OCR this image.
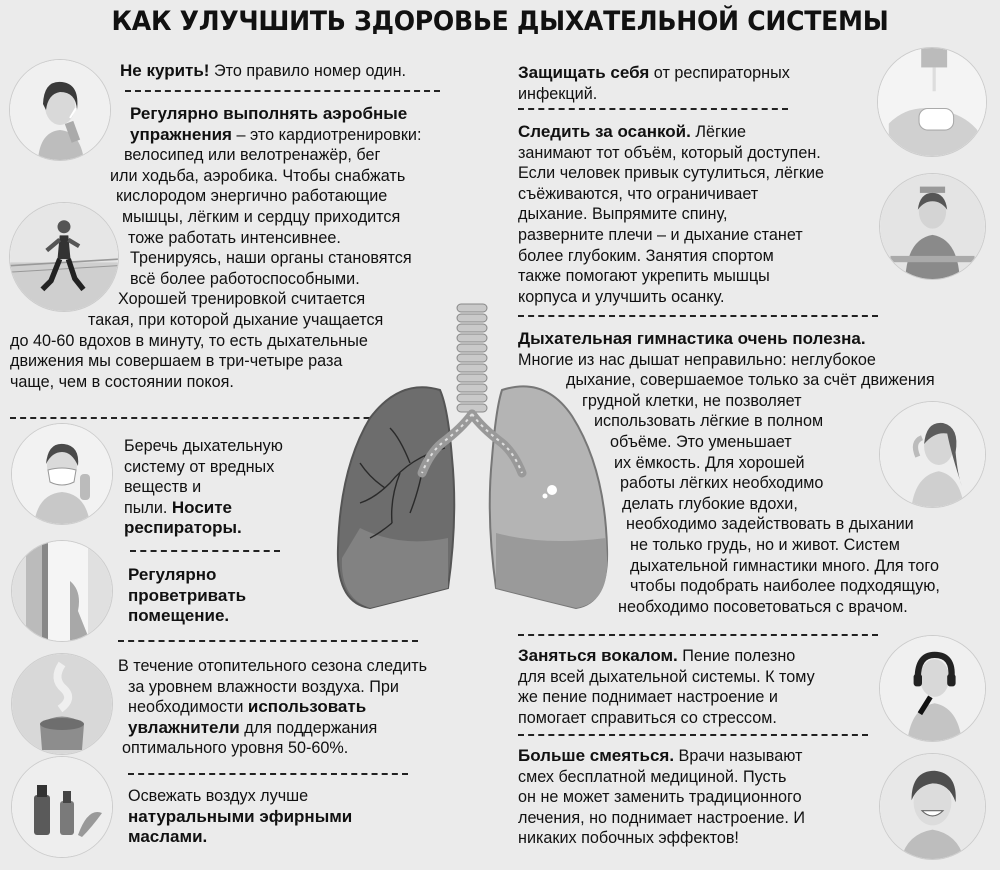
КАК УЛУЧШИТЬ ЗДОРОВЬЕ ДЫХАТЕЛЬНОЙ СИСТЕМЫ
Не курить! Это правило номер один.
Регулярно выполнять аэробные
упражнения – это кардиотренировки:
велосипед или велотренажёр, бег
или ходьба, аэробика. Чтобы снабжать
кислородом энергично работающие
мышцы, лёгким и сердцу приходится
тоже работать интенсивнее.
Тренируясь, наши органы становятся
всё более работоспособными.
Хорошей тренировкой считается
такая, при которой дыхание учащается
до 40-60 вдохов в минуту, то есть дыхательные
движения мы совершаем в три-четыре раза
чаще, чем в состоянии покоя.
Беречь дыхательную
систему от вредных
веществ и
пыли. Носите
респираторы.
Регулярно
проветривать
помещение.
В течение отопительного сезона следить
за уровнем влажности воздуха. При
необходимости использовать
увлажнители для поддержания
оптимального уровня 50-60%.
Освежать воздух лучше
натуральными эфирными
маслами.
Защищать себя от респираторных
инфекций.
Следить за осанкой. Лёгкие
занимают тот объём, который доступен.
Если человек привык сутулиться, лёгкие
съёживаются, что ограничивает
дыхание. Выпрямите спину,
разверните плечи – и дыхание станет
более глубоким. Занятия спортом
также помогают укрепить мышцы
корпуса и улучшить осанку.
Дыхательная гимнастика очень полезна.
Многие из нас дышат неправильно: неглубокое
дыхание, совершаемое только за счёт движения
грудной клетки, не позволяет
использовать лёгкие в полном
объёме. Это уменьшает
их ёмкость. Для хорошей
работы лёгких необходимо
делать глубокие вдохи,
необходимо задействовать в дыхании
не только грудь, но и живот. Систем
дыхательной гимнастики много. Для того
чтобы подобрать наиболее подходящую,
необходимо посоветоваться с врачом.
Заняться вокалом. Пение полезно
для всей дыхательной системы. К тому
же пение поднимает настроение и
помогает справиться со стрессом.
Больше смеяться. Врачи называют
смех бесплатной медициной. Пусть
он не может заменить традиционного
лечения, но поднимает настроение. И
никаких побочных эффектов!
